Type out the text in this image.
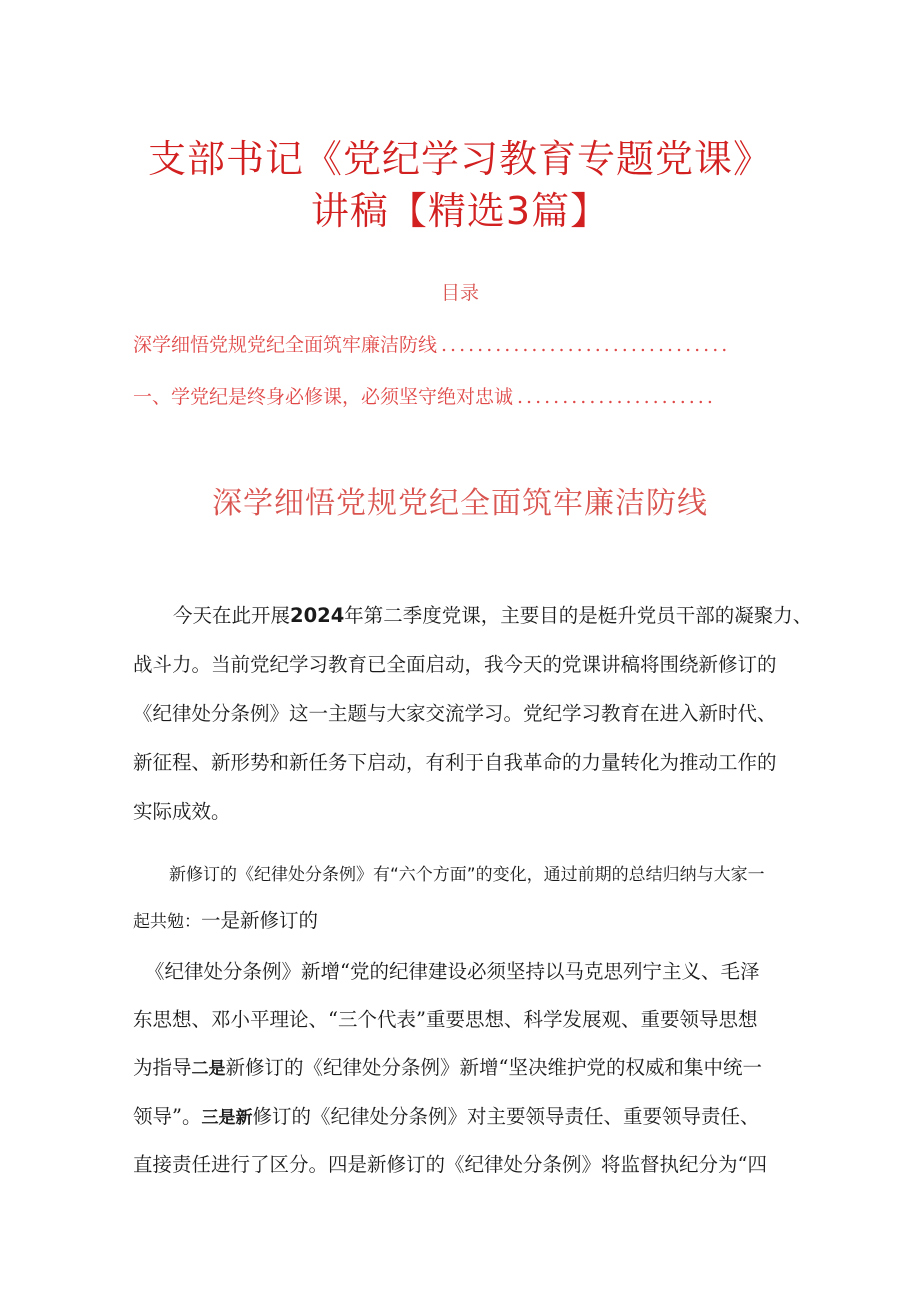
支部书记《党纪学习教育专题党课》
讲稿【精选3篇】
目录
深学细悟党规党纪全面筑牢廉洁防线 ................................
一、学党纪是终身必修课，必须坚守绝对忠诚 ......................
深学细悟党规党纪全面筑牢廉洁防线
今天在此开展2024年第二季度党课，主要目的是梃升党员干部的凝聚力、
战斗力。当前党纪学习教育已全面启动，我今天的党课讲稿将围绕新修订的
《纪律处分条例》这一主题与大家交流学习。党纪学习教育在进入新时代、
新征程、新形势和新任务下启动，有利于自我革命的力量转化为推动工作的
实际成效。
新修订的《纪律处分条例》有“六个方面”的变化，通过前期的总结归纳与大家一
起共勉：一是新修订的
《纪律处分条例》新增“党的纪律建设必须坚持以马克思列宁主义、毛泽
东思想、邓小平理论、“三个代表”重要思想、科学发展观、重要领导思想
为指导二是新修订的《纪律处分条例》新增“坚决维护党的权威和集中统一
领导”。三是新修订的《纪律处分条例》对主要领导责任、重要领导责任、
直接责任进行了区分。四是新修订的《纪律处分条例》将监督执纪分为“四
